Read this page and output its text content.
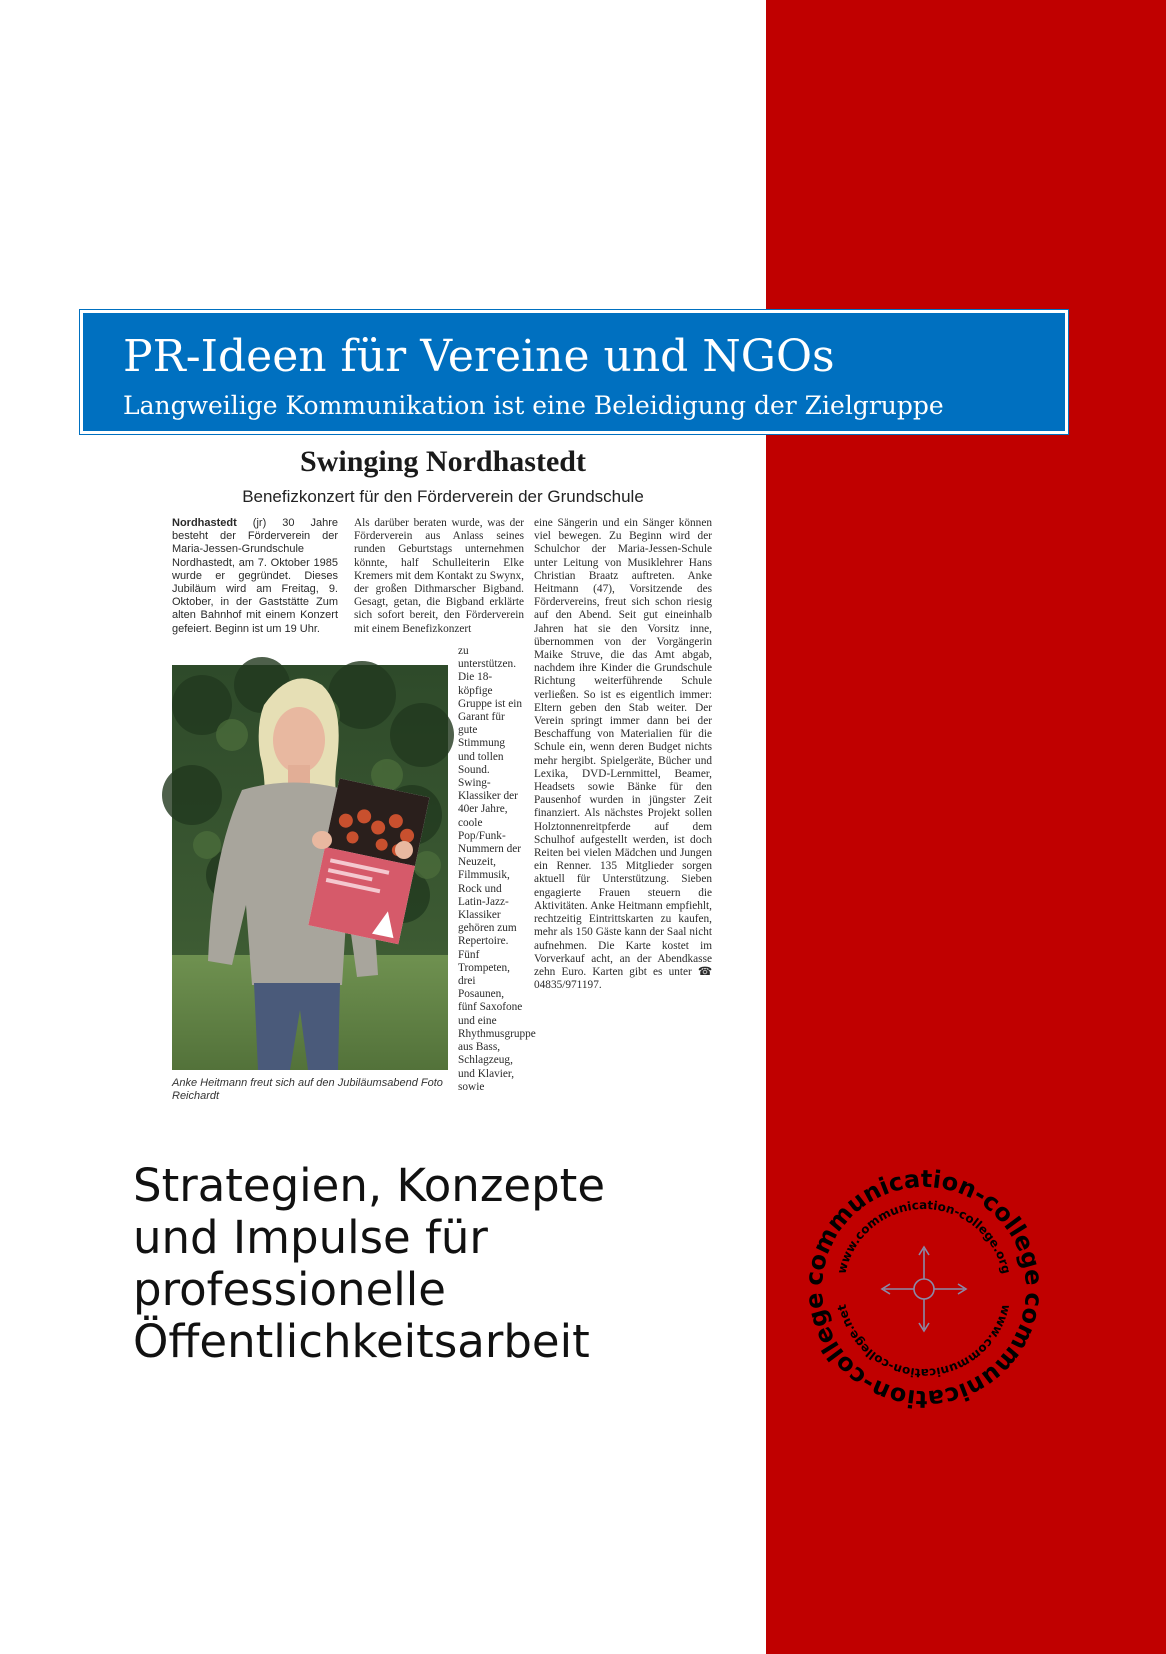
PR-Ideen für Vereine und NGOs
Langweilige Kommunikation ist eine Beleidigung der Zielgruppe
Swinging Nordhastedt
Benefizkonzert für den Förderverein der Grundschule
Nordhastedt (jr) 30 Jahre besteht der Förderverein der Maria-Jessen-Grundschule Nordhastedt, am 7. Oktober 1985 wurde er gegründet. Dieses Jubiläum wird am Freitag, 9. Oktober, in der Gaststätte Zum alten Bahnhof mit einem Konzert gefeiert. Beginn ist um 19 Uhr.
Als darüber beraten wurde, was der Förderverein aus Anlass seines runden Geburtstags unternehmen könnte, half Schulleiterin Elke Kremers mit dem Kontakt zu Swynx, der großen Dithmarscher Bigband. Gesagt, getan, die Bigband erklärte sich sofort bereit, den Förderverein mit einem Benefizkonzert
zu unterstützen. Die 18-köpfige Gruppe ist ein Garant für gute Stimmung und tollen Sound. Swing-Klassiker der 40er Jahre, coole Pop/Funk-Nummern der Neuzeit, Filmmusik, Rock und Latin-Jazz-Klassiker gehören zum Repertoire. Fünf Trompeten, drei Posaunen, fünf Saxofone und eine Rhythmusgruppe aus Bass, Schlagzeug, und Klavier, sowie
eine Sängerin und ein Sänger können viel bewegen. Zu Beginn wird der Schulchor der Maria-Jessen-Schule unter Leitung von Musiklehrer Hans Christian Braatz auftreten. Anke Heitmann (47), Vorsitzende des Fördervereins, freut sich schon riesig auf den Abend. Seit gut eineinhalb Jahren hat sie den Vorsitz inne, übernommen von der Vorgängerin Maike Struve, die das Amt abgab, nachdem ihre Kinder die Grundschule Richtung weiterführende Schule verließen. So ist es eigentlich immer: Eltern geben den Stab weiter. Der Verein springt immer dann bei der Beschaffung von Materialien für die Schule ein, wenn deren Budget nichts mehr hergibt. Spielgeräte, Bücher und Lexika, DVD-Lernmittel, Beamer, Headsets sowie Bänke für den Pausenhof wurden in jüngster Zeit finanziert. Als nächstes Projekt sollen Holztonnenreitpferde auf dem Schulhof aufgestellt werden, ist doch Reiten bei vielen Mädchen und Jungen ein Renner. 135 Mitglieder sorgen aktuell für Unterstützung. Sieben engagierte Frauen steuern die Aktivitäten. Anke Heitmann empfiehlt, rechtzeitig Eintrittskarten zu kaufen, mehr als 150 Gäste kann der Saal nicht aufnehmen. Die Karte kostet im Vorverkauf acht, an der Abendkasse zehn Euro. Karten gibt es unter ☎ 04835/971197.
Anke Heitmann freut sich auf den Jubiläumsabend Foto Reichardt
Strategien, Konzepte
und Impulse für
professionelle
Öffentlichkeitsarbeit
communication-college
www.communication-college.org
communication-college	www.communication-college.net
